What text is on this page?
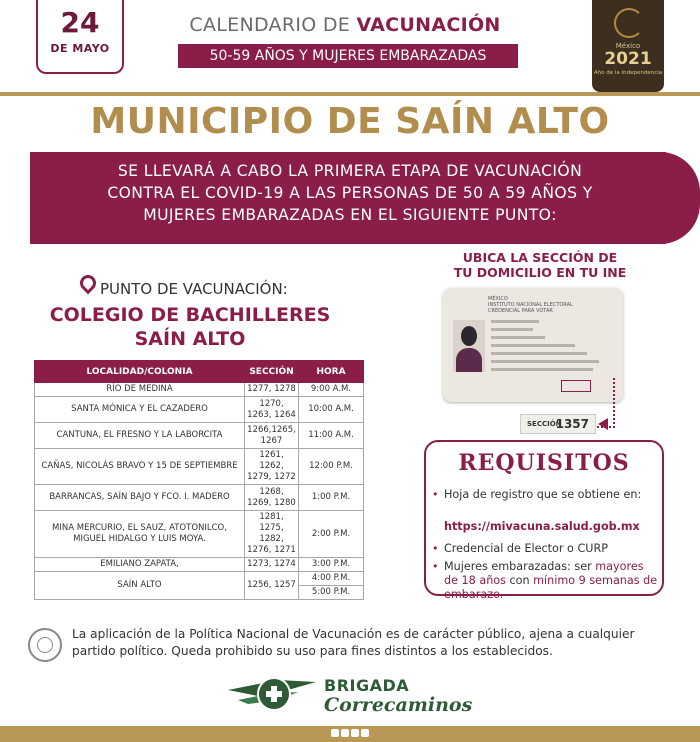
24
DE MAYO
CALENDARIO DE VACUNACIÓN
50-59 AÑOS Y MUJERES EMBARAZADAS
México
2021
Año de la Independencia
MUNICIPIO DE SAÍN ALTO
SE LLEVARÁ A CABO LA PRIMERA ETAPA DE VACUNACIÓN
CONTRA EL COVID-19 A LAS PERSONAS DE 50 A 59 AÑOS Y
MUJERES EMBARAZADAS EN EL SIGUIENTE PUNTO:
PUNTO DE VACUNACIÓN:
COLEGIO DE BACHILLERES
SAÍN ALTO
LOCALIDAD/COLONIA	SECCIÓN	HORA
RÍO DE MEDINA	1277, 1278	9:00 A.M.
SANTA MÓNICA Y EL CAZADERO	1270, 1263, 1264	10:00 A.M.
CANTUNA, EL FRESNO Y LA LABORCITA	1266,1265, 1267	11:00 A.M.
CAÑAS, NICOLÁS BRAVO Y 15 DE SEPTIEMBRE	1261, 1262, 1279, 1272	12:00 P.M.
BARRANCAS, SAÍN BAJO Y FCO. I. MADERO	1268, 1269, 1280	1:00 P.M.
MINA MERCURIO, EL SAUZ, ATOTONILCO, MIGUEL HIDALGO Y LUIS MOYA.	1281, 1275, 1282, 1276, 1271	2:00 P.M.
EMILIANO ZAPATA,	1273, 1274	3:00 P.M.
SAÍN ALTO	1256, 1257	4:00 P.M.
		5:00 P.M.
UBICA LA SECCIÓN DE
TU DOMICILIO EN TU INE
MÉXICO
INSTITUTO NACIONAL ELECTORAL
CREDENCIAL PARA VOTAR
SECCIÓN
1357
REQUISITOS
• Hoja de registro que se obtiene en:
https://mivacuna.salud.gob.mx
• Credencial de Elector o CURP
• Mujeres embarazadas: ser mayores de 18 años con mínimo 9 semanas de embarazo.
La aplicación de la Política Nacional de Vacunación es de carácter público, ajena a cualquier partido político. Queda prohibido su uso para fines distintos a los establecidos.
BRIGADA
Correcaminos
